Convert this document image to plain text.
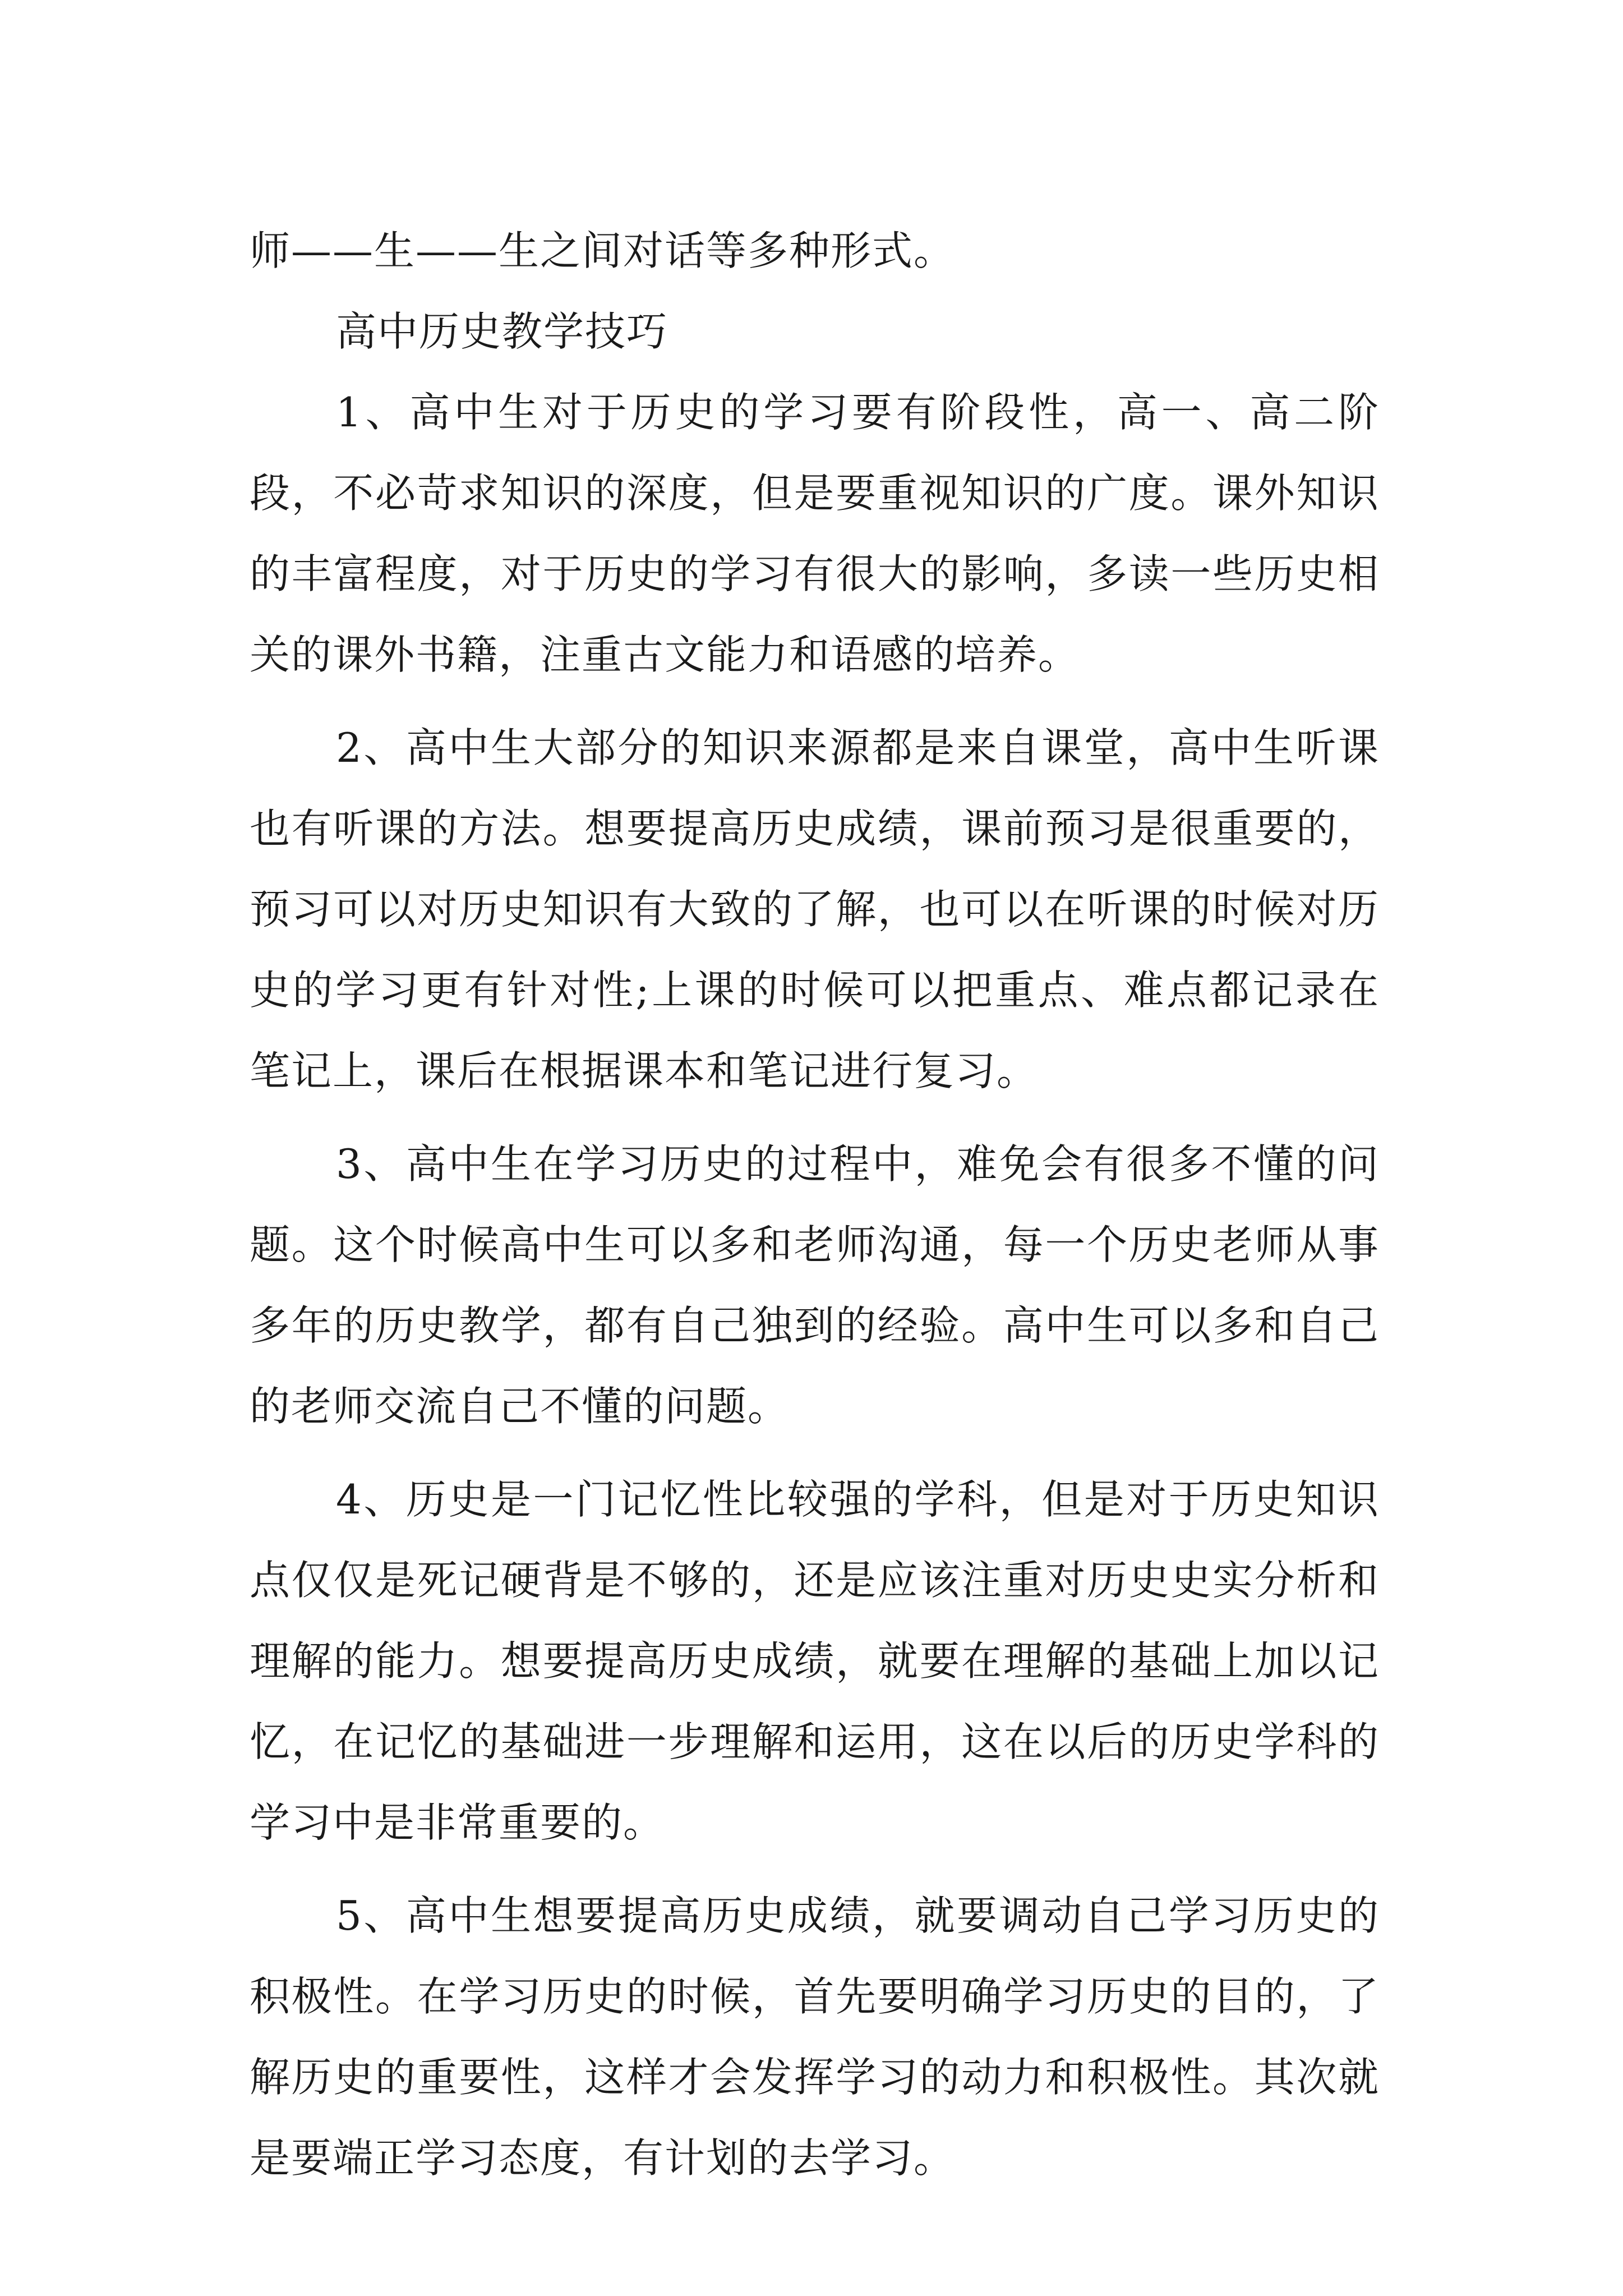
师——生——生之间对话等多种形式。

高中历史教学技巧

1、高中生对于历史的学习要有阶段性，高一、高二阶段，不必苛求知识的深度，但是要重视知识的广度。课外知识的丰富程度，对于历史的学习有很大的影响，多读一些历史相关的课外书籍，注重古文能力和语感的培养。

2、高中生大部分的知识来源都是来自课堂，高中生听课也有听课的方法。想要提高历史成绩，课前预习是很重要的，预习可以对历史知识有大致的了解，也可以在听课的时候对历史的学习更有针对性;上课的时候可以把重点、难点都记录在笔记上，课后在根据课本和笔记进行复习。

3、高中生在学习历史的过程中，难免会有很多不懂的问题。这个时候高中生可以多和老师沟通，每一个历史老师从事多年的历史教学，都有自己独到的经验。高中生可以多和自己的老师交流自己不懂的问题。

4、历史是一门记忆性比较强的学科，但是对于历史知识点仅仅是死记硬背是不够的，还是应该注重对历史史实分析和理解的能力。想要提高历史成绩，就要在理解的基础上加以记忆，在记忆的基础进一步理解和运用，这在以后的历史学科的学习中是非常重要的。

5、高中生想要提高历史成绩，就要调动自己学习历史的积极性。在学习历史的时候，首先要明确学习历史的目的，了解历史的重要性，这样才会发挥学习的动力和积极性。其次就是要端正学习态度，有计划的去学习。
